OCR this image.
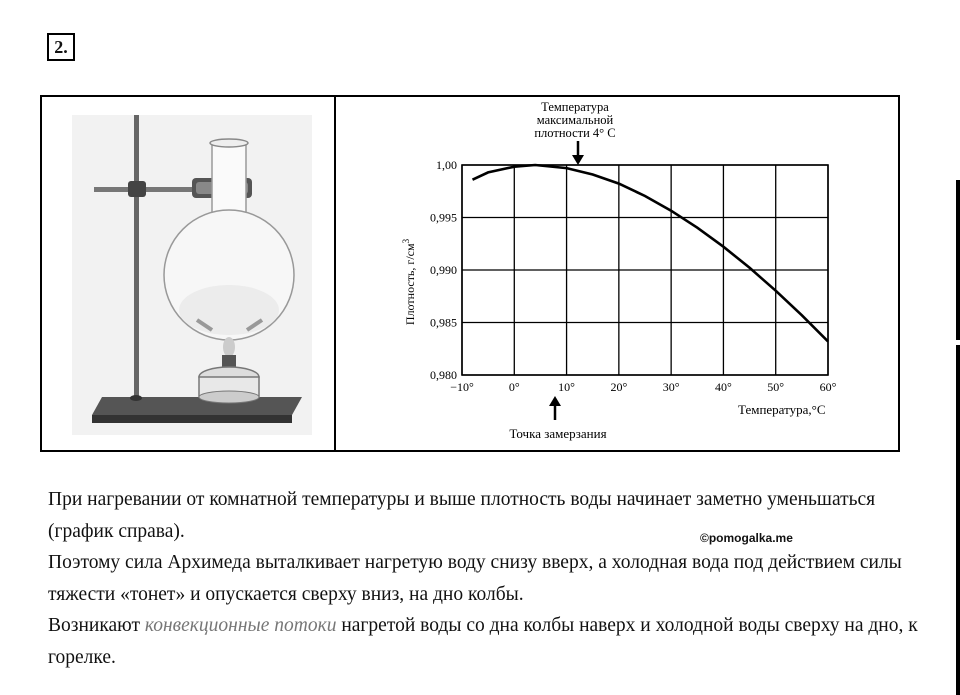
2.
−10°	0°	10°	20°	30°	40°	50°	60°
1,00
0,995
0,990
0,985
0,980
Плотность, $г/см^3$
Температура,°С
Температура
максимальной
плотности 4° С
Точка замерзания

При нагревании от комнатной температуры и выше плотность воды начинает заметно уменьшаться (график справа).

Поэтому сила Архимеда выталкивает нагретую воду снизу вверх, а холодная вода под действием силы тяжести «тонет» и опускается сверху вниз, на дно колбы.

Возникают конвекционные потоки нагретой воды со дна колбы наверх и холодной воды сверху на дно, к горелке.

©pomogalka.me
